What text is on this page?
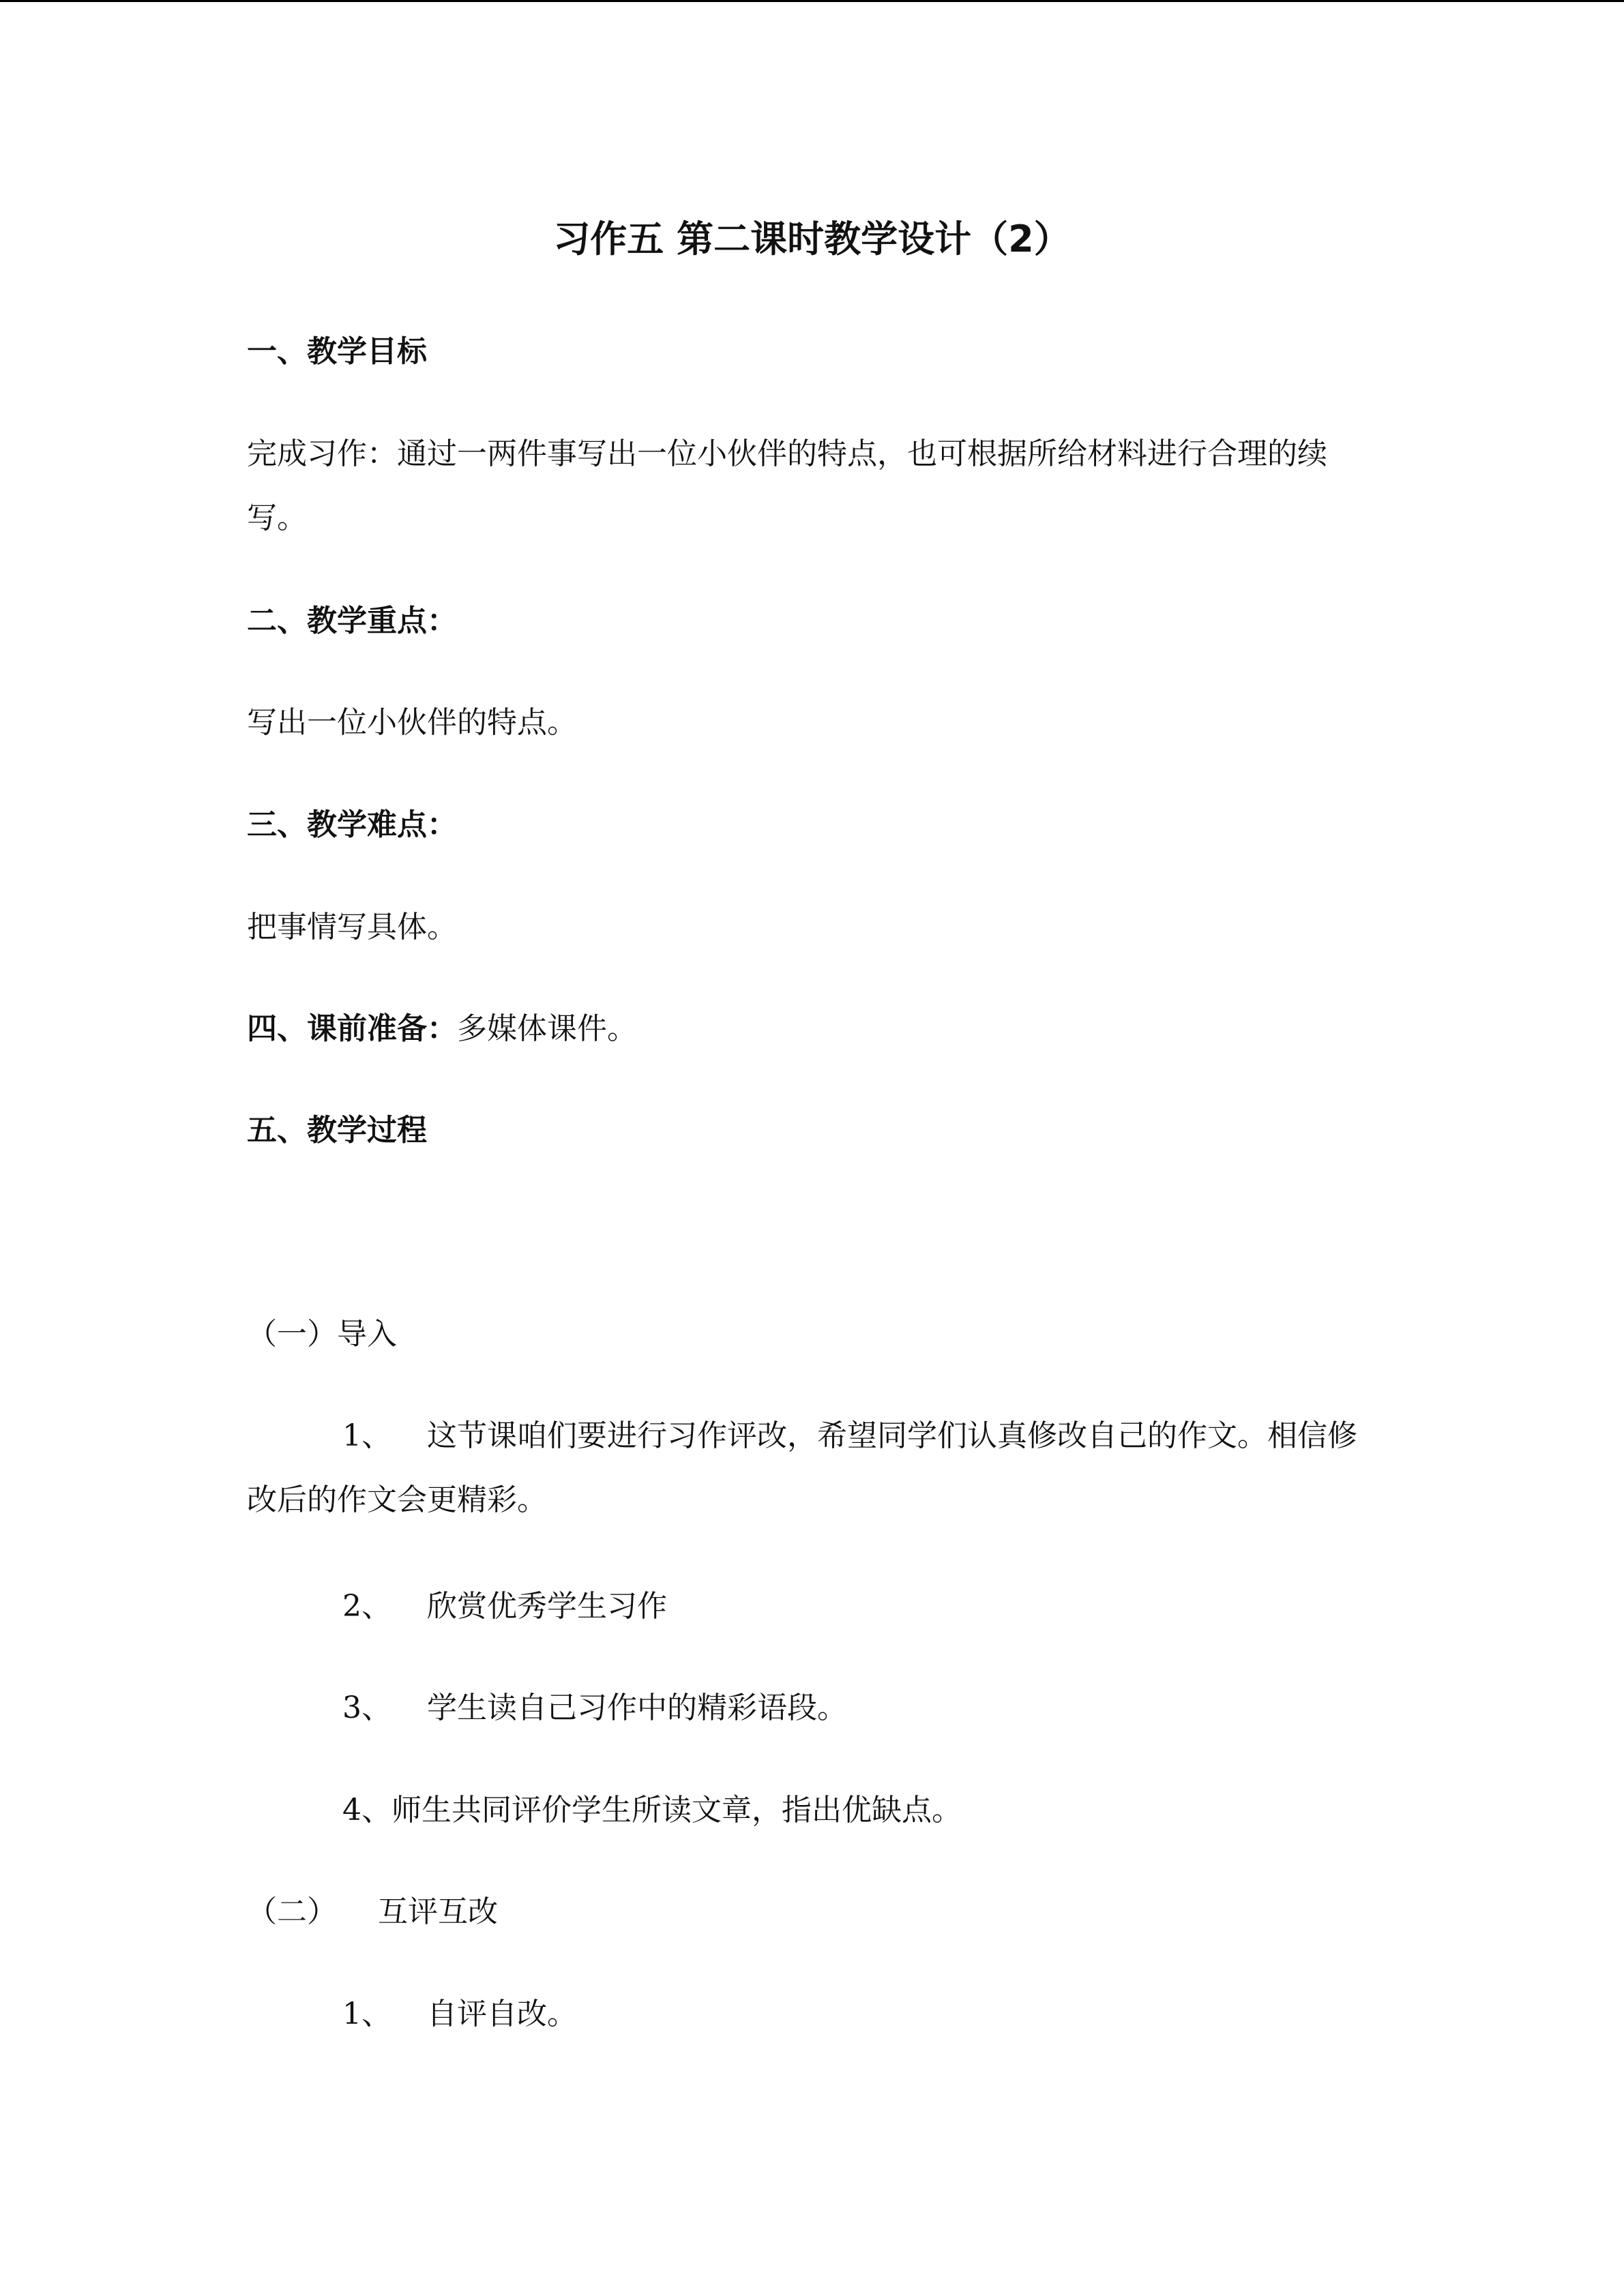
习作五 第二课时教学设计（2）
一、教学目标
完成习作：通过一两件事写出一位小伙伴的特点，也可根据所给材料进行合理的续写。
二、教学重点：
写出一位小伙伴的特点。
三、教学难点：
把事情写具体。
四、课前准备：多媒体课件。
五、教学过程
（一）导入
1、 这节课咱们要进行习作评改，希望同学们认真修改自己的作文。相信修改后的作文会更精彩。
2、 欣赏优秀学生习作
3、 学生读自己习作中的精彩语段。
4、师生共同评价学生所读文章，指出优缺点。
（二） 互评互改
1、 自评自改。
